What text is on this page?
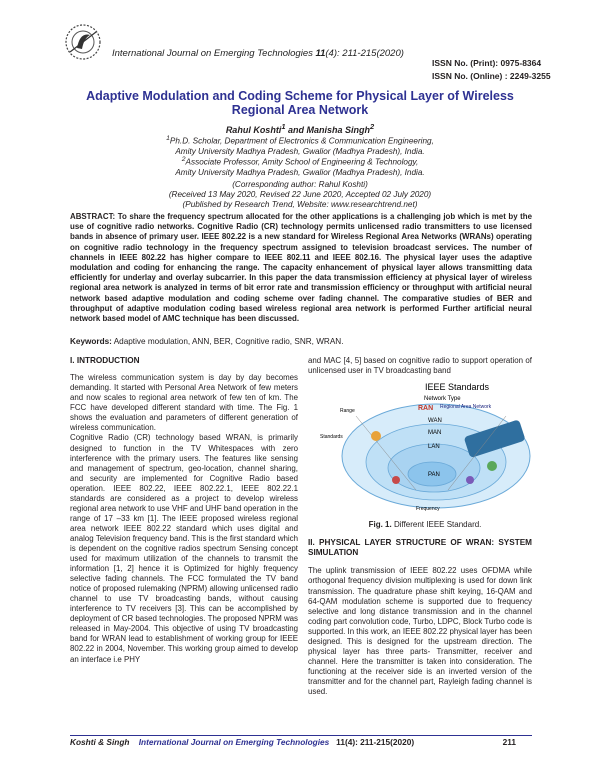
International Journal on Emerging Technologies 11(4): 211-215(2020)
ISSN No. (Print): 0975-8364
ISSN No. (Online) : 2249-3255
Adaptive Modulation and Coding Scheme for Physical Layer of Wireless Regional Area Network
Rahul Koshti$^1$ and Manisha Singh$^2$
$^1$Ph.D. Scholar, Department of Electronics & Communication Engineering,
Amity University Madhya Pradesh, Gwalior (Madhya Pradesh), India.
$^2$Associate Professor, Amity School of Engineering & Technology,
Amity University Madhya Pradesh, Gwalior (Madhya Pradesh), India.
(Corresponding author: Rahul Koshti)
(Received 13 May 2020, Revised 22 June 2020, Accepted 02 July 2020)
(Published by Research Trend, Website: www.researchtrend.net)
ABSTRACT: To share the frequency spectrum allocated for the other applications is a challenging job which is met by the use of cognitive radio networks. Cognitive Radio (CR) technology permits unlicensed radio transmitters to use licensed bands in absence of primary user. IEEE 802.22 is a new standard for Wireless Regional Area Networks (WRANs) operating on cognitive radio technology in the frequency spectrum assigned to television broadcast services. The number of channels in IEEE 802.22 has higher compare to IEEE 802.11 and IEEE 802.16. The physical layer uses the adaptive modulation and coding for enhancing the range. The capacity enhancement of physical layer allows transmitting data efficiently for underlay and overlay subcarrier. In this paper the data transmission efficiency at physical layer of wireless regional area network is analyzed in terms of bit error rate and transmission efficiency or throughput with artificial neural network based adaptive modulation and coding scheme over fading channel. The comparative studies of BER and throughput of adaptive modulation coding based wireless regional area network is performed Further artificial neural network based model of AMC technique has been discussed.
Keywords: Adaptive modulation, ANN, BER, Cognitive radio, SNR, WRAN.
I. INTRODUCTION

The wireless communication system is day by day becomes demanding. It started with Personal Area Network of few meters and now scales to regional area network of few ten of km. The FCC have developed different standard with time. The Fig. 1 shows the evaluation and parameters of different generation of wireless communication.

Cognitive Radio (CR) technology based WRAN, is primarily designed to function in the TV Whitespaces with zero interference with the primary users. The features like sensing and management of spectrum, geo-location, channel sharing, and security are implemented for Cognitive Radio based operation. IEEE 802.22, IEEE 802.22.1, IEEE 802.22.1 standards are considered as a project to develop wireless regional area network to use VHF and UHF band operation in the range of 17 –33 km [1]. The IEEE proposed wireless regional area network IEEE 802.22 standard which uses digital and analog Television frequency band. This is the first standard which is dependent on the cognitive radios spectrum Sensing concept used for maximum utilization of the channels to transmit the information [1, 2] hence it is Optimized for highly frequency selective fading channels. The FCC formulated the TV band notice of proposed rulemaking (NPRM) allowing unlicensed radio channel to use TV broadcasting bands, without causing interference to TV receivers [3]. This can be accomplished by deployment of CR based technologies. The proposed NPRM was released in May-2004. This objective of using TV broadcasting band for WRAN lead to establishment of working group for IEEE 802.22 in 2004, November. This working group aimed to develop an interface i.e PHY

and MAC [4, 5] based on cognitive radio to support operation of unlicensed user in TV broadcasting band

IEEE Standards
Network Type
RAN Regional Area Network
WAN
MAN
LAN
PAN
Range
Standards
Frequency
Fig. 1. Different IEEE Standard.
II. PHYSICAL LAYER STRUCTURE OF WRAN: SYSTEM SIMULATION

The uplink transmission of IEEE 802.22 uses OFDMA while orthogonal frequency division multiplexing is used for down link transmission. The quadrature phase shift keying, 16-QAM and 64-QAM modulation scheme is supported due to frequency selective and long distance transmission and in the channel coding part convolution code, Turbo, LDPC, Block Turbo code is supported. In this work, an IEEE 802.22 physical layer has been designed. This is designed for the upstream direction. The physical layer has three parts- Transmitter, receiver and channel. Here the transmitter is taken into consideration. The functioning at the receiver side is an inverted version of the transmitter and for the channel part, Rayleigh fading channel is used.

Koshti & Singh International Journal on Emerging Technologies 11(4): 211-215(2020)	211
